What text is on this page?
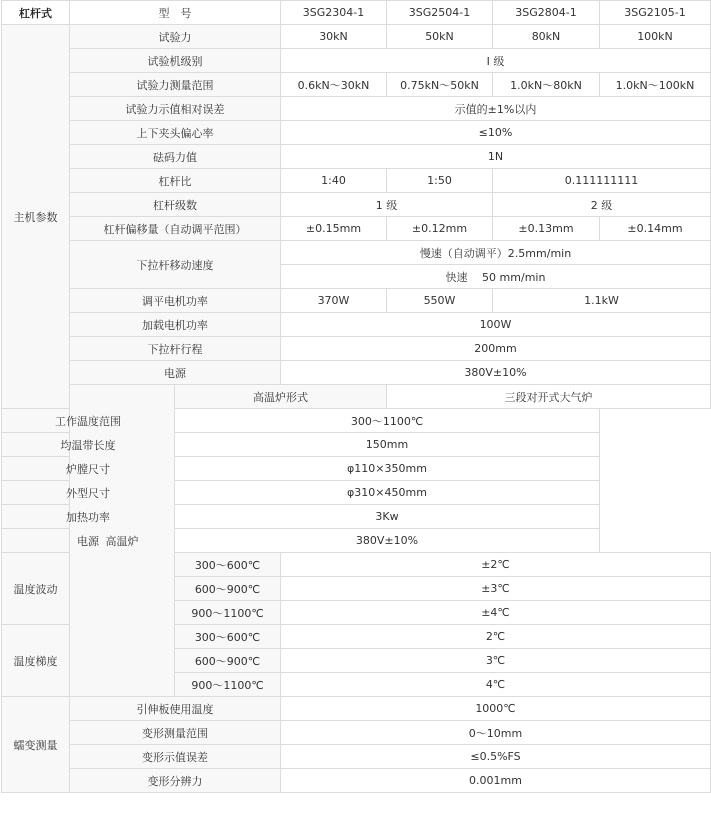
杠杆式	型　号		3SG2304-1	3SG2504-1	3SG2804-1	3SG2105-1
主机参数	试验力		30kN	50kN	80kN	100kN
	试验机级别		I 级			
	试验力测量范围		0.6kN～30kN	0.75kN～50kN	1.0kN～80kN	1.0kN～100kN
	试验力示值相对误差		示值的±1%以内			
	上下夹头偏心率		≤10%			
	砝码力值		1N			
	杠杆比		1:40	1:50	0.111111111	
	杠杆级数		1 级		2 级	
	杠杆偏移量（自动调平范围）		±0.15mm	±0.12mm	±0.13mm	±0.14mm
	下拉杆移动速度		慢速（自动调平）2.5mm/min			
			快速　 50 mm/min			
	调平电机功率		370W	550W	1.1kW	
	加载电机功率		100W			
	下拉杆行程		200mm			
	电源		380V±10%			
	高温炉	高温炉形式		三段对开式大气炉		
工作温度范围		300～1100℃				
均温带长度		150mm				
炉膛尺寸		φ110×350mm				
外型尺寸		φ310×450mm				
加热功率		3Kw				
电源		380V±10%				
温度波动		300～600℃	±2℃			
		600～900℃	±3℃			
		900～1100℃	±4℃			
温度梯度		300～600℃	2℃			
		600～900℃	3℃			
		900～1100℃	4℃			
蠕变测量	引伸板使用温度		1000℃			
	变形测量范围		0～10mm			
	变形示值误差		≤0.5%FS			
	变形分辨力		0.001mm			
